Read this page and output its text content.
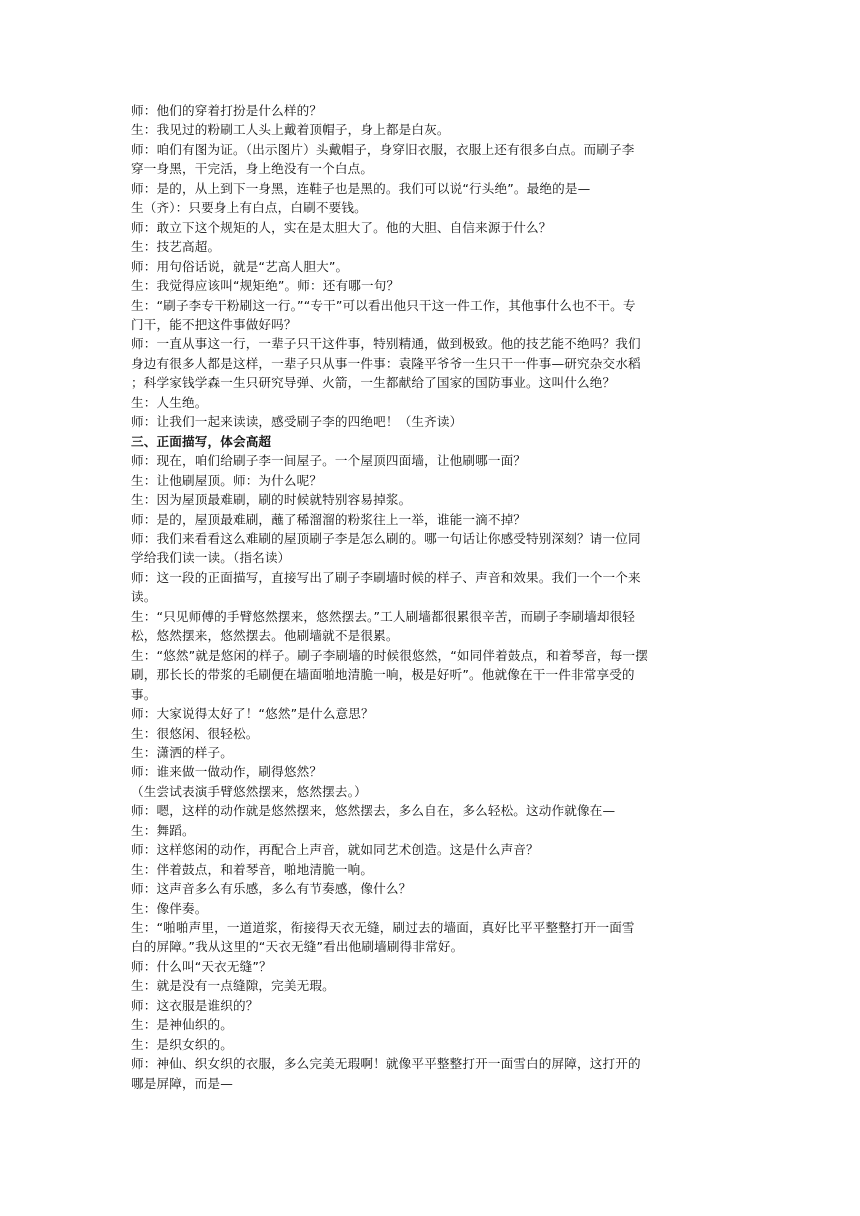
师：他们的穿着打扮是什么样的？

生：我见过的粉刷工人头上戴着顶帽子，身上都是白灰。

师：咱们有图为证。（出示图片）头戴帽子，身穿旧衣服，衣服上还有很多白点。而刷子李

穿一身黑，干完活，身上绝没有一个白点。

师：是的，从上到下一身黑，连鞋子也是黑的。我们可以说“行头绝”。最绝的是—

生（齐）：只要身上有白点，白刷不要钱。

师：敢立下这个规矩的人，实在是太胆大了。他的大胆、自信来源于什么？

生：技艺高超。

师：用句俗话说，就是“艺高人胆大”。

生：我觉得应该叫“规矩绝”。师：还有哪一句？

生：“刷子李专干粉刷这一行。”“专干”可以看出他只干这一件工作，其他事什么也不干。专

门干，能不把这件事做好吗？

师：一直从事这一行，一辈子只干这件事，特别精通，做到极致。他的技艺能不绝吗？我们

身边有很多人都是这样，一辈子只从事一件事：袁隆平爷爷一生只干一件事—研究杂交水稻

；科学家钱学森一生只研究导弹、火箭，一生都献给了国家的国防事业。这叫什么绝？

生：人生绝。

师：让我们一起来读读，感受刷子李的四绝吧！（生齐读）

三、正面描写，体会高超

师：现在，咱们给刷子李一间屋子。一个屋顶四面墙，让他刷哪一面？

生：让他刷屋顶。师：为什么呢？

生：因为屋顶最难刷，刷的时候就特别容易掉浆。

师：是的，屋顶最难刷，蘸了稀溜溜的粉浆往上一举，谁能一滴不掉？

师：我们来看看这么难刷的屋顶刷子李是怎么刷的。哪一句话让你感受特别深刻？请一位同

学给我们读一读。（指名读）

师：这一段的正面描写，直接写出了刷子李刷墙时候的样子、声音和效果。我们一个一个来

读。

生：“只见师傅的手臂悠然摆来，悠然摆去。”工人刷墙都很累很辛苦，而刷子李刷墙却很轻

松，悠然摆来，悠然摆去。他刷墙就不是很累。

生：“悠然”就是悠闲的样子。刷子李刷墙的时候很悠然，“如同伴着鼓点，和着琴音，每一摆

刷，那长长的带浆的毛刷便在墙面啪地清脆一响，极是好听”。他就像在干一件非常享受的

事。

师：大家说得太好了！“悠然”是什么意思？

生：很悠闲、很轻松。

生：潇洒的样子。

师：谁来做一做动作，刷得悠然？

（生尝试表演手臂悠然摆来，悠然摆去。）

师：嗯，这样的动作就是悠然摆来，悠然摆去，多么自在，多么轻松。这动作就像在—

生：舞蹈。

师：这样悠闲的动作，再配合上声音，就如同艺术创造。这是什么声音？

生：伴着鼓点，和着琴音，啪地清脆一响。

师：这声音多么有乐感，多么有节奏感，像什么？

生：像伴奏。

生：“啪啪声里，一道道浆，衔接得天衣无缝，刷过去的墙面，真好比平平整整打开一面雪

白的屏障。”我从这里的“天衣无缝”看出他刷墙刷得非常好。

师：什么叫“天衣无缝”？

生：就是没有一点缝隙，完美无瑕。

师：这衣服是谁织的？

生：是神仙织的。

生：是织女织的。

师：神仙、织女织的衣服，多么完美无瑕啊！就像平平整整打开一面雪白的屏障，这打开的

哪是屏障，而是—
